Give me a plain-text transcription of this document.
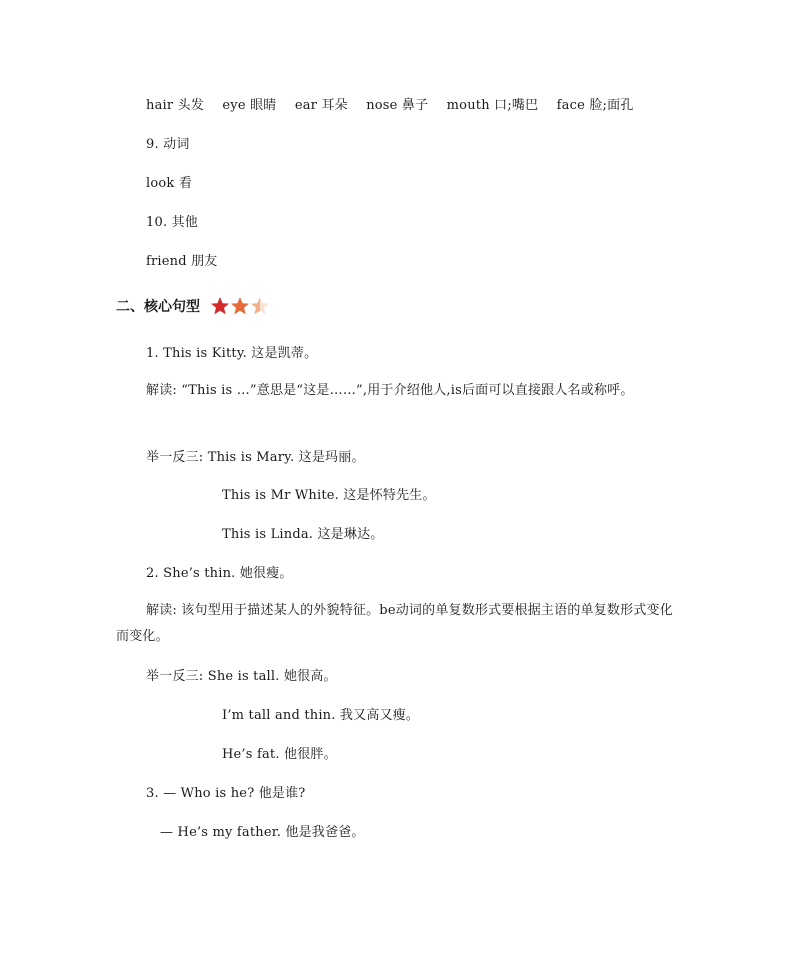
hair 头发 eye 眼睛 ear 耳朵 nose 鼻子 mouth 口;嘴巴 face 脸;面孔
9. 动词
look 看
10. 其他
friend 朋友
二、核心句型
1. This is Kitty. 这是凯蒂。
解读: “This is …”意思是“这是……”,用于介绍他人,is后面可以直接跟人名或称呼。
举一反三: This is Mary. 这是玛丽。
This is Mr White. 这是怀特先生。
This is Linda. 这是琳达。
2. She’s thin. 她很瘦。
解读: 该句型用于描述某人的外貌特征。be动词的单复数形式要根据主语的单复数形式变化而变化。
举一反三: She is tall. 她很高。
I’m tall and thin. 我又高又瘦。
He’s fat. 他很胖。
3. — Who is he? 他是谁?
— He’s my father. 他是我爸爸。
